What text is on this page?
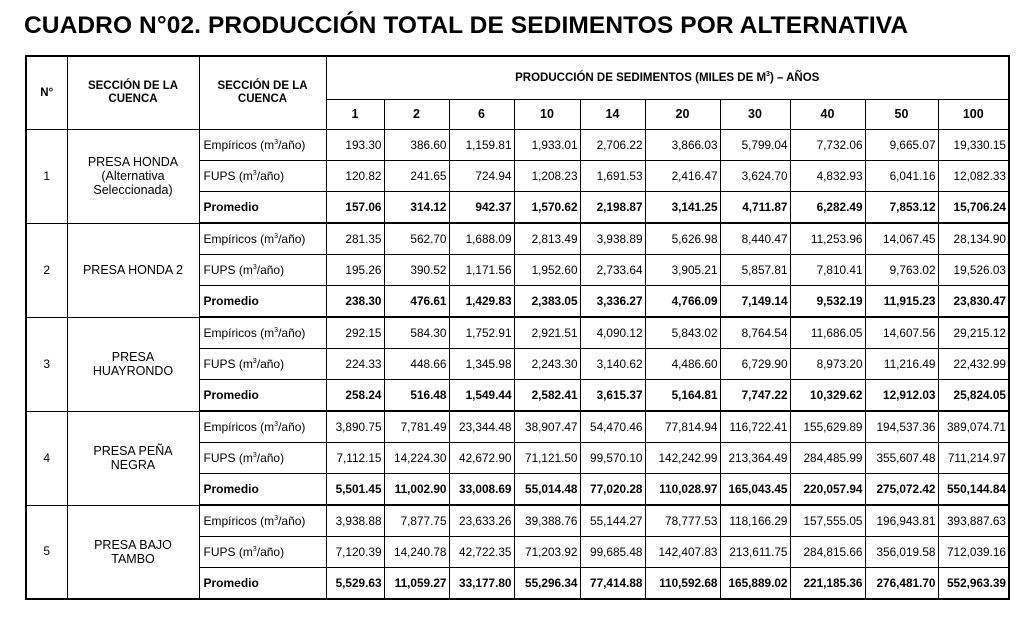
CUADRO N°02. PRODUCCIÓN TOTAL DE SEDIMENTOS POR ALTERNATIVA
N°	SECCIÓN DE LA CUENCA	SECCIÓN DE LA CUENCA	PRODUCCIÓN DE SEDIMENTOS (MILES DE $M^3$) – AÑOS									
			1	2	6	10	14	20	30	40	50	100
1	PRESA HONDA
(Alternativa
Seleccionada)	Empíricos $(m^3/año)$	193.30	386.60	1,159.81	1,933.01	2,706.22	3,866.03	5,799.04	7,732.06	9,665.07	19,330.15
		FUPS $(m^3/año)$	120.82	241.65	724.94	1,208.23	1,691.53	2,416.47	3,624.70	4,832.93	6,041.16	12,082.33
		Promedio	157.06	314.12	942.37	1,570.62	2,198.87	3,141.25	4,711.87	6,282.49	7,853.12	15,706.24
2	PRESA HONDA 2	Empíricos $(m^3/año)$	281.35	562.70	1,688.09	2,813.49	3,938.89	5,626.98	8,440.47	11,253.96	14,067.45	28,134.90
		FUPS $(m^3/año)$	195.26	390.52	1,171.56	1,952.60	2,733.64	3,905.21	5,857.81	7,810.41	9,763.02	19,526.03
		Promedio	238.30	476.61	1,429.83	2,383.05	3,336.27	4,766.09	7,149.14	9,532.19	11,915.23	23,830.47
3	PRESA
HUAYRONDO	Empíricos $(m^3/año)$	292.15	584.30	1,752.91	2,921.51	4,090.12	5,843.02	8,764.54	11,686.05	14,607.56	29,215.12
		FUPS $(m^3/año)$	224.33	448.66	1,345.98	2,243.30	3,140.62	4,486.60	6,729.90	8,973.20	11,216.49	22,432.99
		Promedio	258.24	516.48	1,549.44	2,582.41	3,615.37	5,164.81	7,747.22	10,329.62	12,912.03	25,824.05
4	PRESA PEÑA
NEGRA	Empíricos $(m^3/año)$	3,890.75	7,781.49	23,344.48	38,907.47	54,470.46	77,814.94	116,722.41	155,629.89	194,537.36	389,074.71
		FUPS $(m^3/año)$	7,112.15	14,224.30	42,672.90	71,121.50	99,570.10	142,242.99	213,364.49	284,485.99	355,607.48	711,214.97
		Promedio	5,501.45	11,002.90	33,008.69	55,014.48	77,020.28	110,028.97	165,043.45	220,057.94	275,072.42	550,144.84
5	PRESA BAJO
TAMBO	Empíricos $(m^3/año)$	3,938.88	7,877.75	23,633.26	39,388.76	55,144.27	78,777.53	118,166.29	157,555.05	196,943.81	393,887.63
		FUPS $(m^3/año)$	7,120.39	14,240.78	42,722.35	71,203.92	99,685.48	142,407.83	213,611.75	284,815.66	356,019.58	712,039.16
		Promedio	5,529.63	11,059.27	33,177.80	55,296.34	77,414.88	110,592.68	165,889.02	221,185.36	276,481.70	552,963.39
